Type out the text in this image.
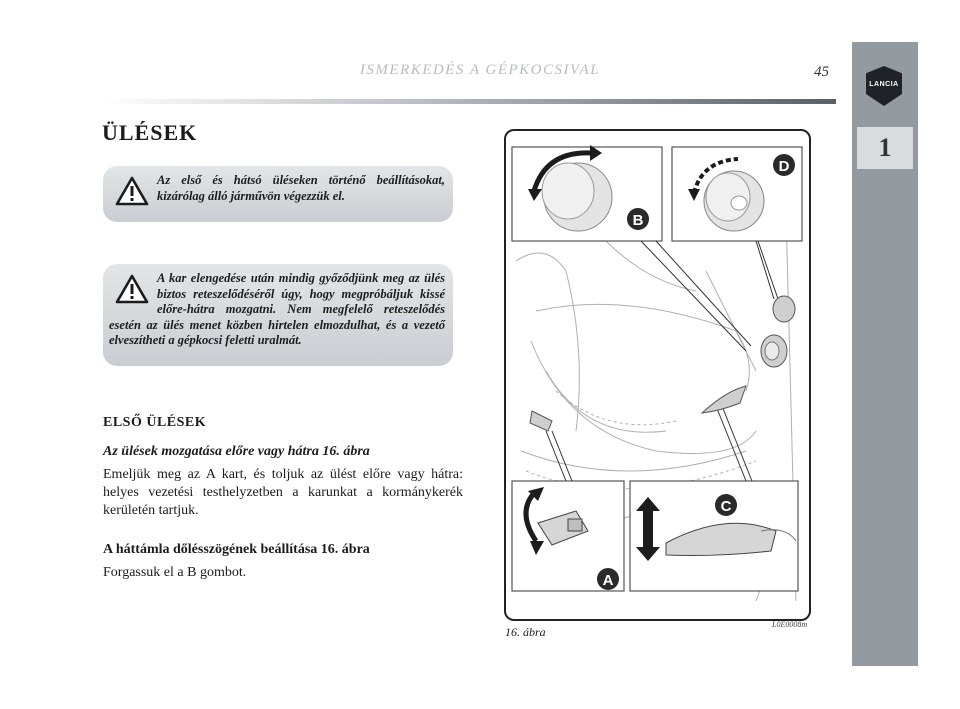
ISMERKEDÉS A GÉPKOCSIVAL	45
LANCIA
1
ÜLÉSEK
Az első és hátsó üléseken történő beállításokat, kizárólag álló járművön végezzük el.
A kar elengedése után mindig győződjünk meg az ülés biztos reteszelődéséről úgy, hogy megpróbáljuk kissé előre-hátra mozgatni. Nem megfelelő reteszelődés esetén az ülés menet közben hirtelen elmozdulhat, és a vezető elveszítheti a gépkocsi feletti uralmát.
ELSŐ ÜLÉSEK
Az ülések mozgatása előre vagy hátra 16. ábra
Emeljük meg az A kart, és toljuk az ülést előre vagy hátra: helyes vezetési testhelyzetben a karunkat a kormánykerék kerületén tartjuk.
A háttámla dőlésszögének beállítása 16. ábra
Forgassuk el a B gombot.
B
D
A
C
16. ábra
L0E0008m
